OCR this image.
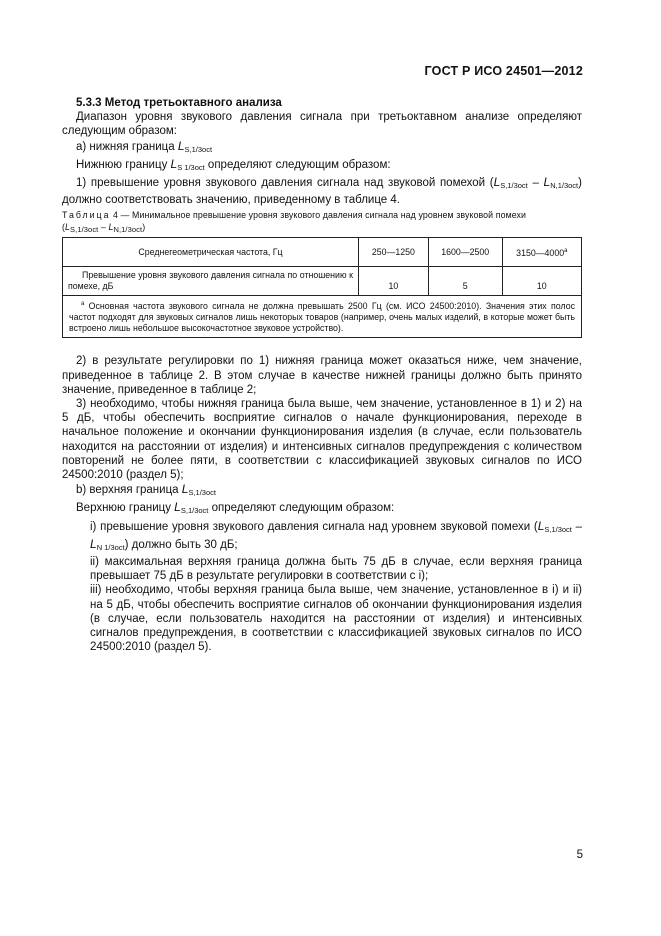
ГОСТ Р ИСО 24501—2012

5.3.3 Метод третьоктавного анализа

Диапазон уровня звукового давления сигнала при третьоктавном анализе определяют следующим образом:

a) нижняя граница $L_{S,1/3oct}$

Нижнюю границу $L_{S 1/3oct}$ определяют следующим образом:

1) превышение уровня звукового давления сигнала над звуковой помехой $(L_{S,1/3oct} - L_{N,1/3oct})$ должно соответствовать значению, приведенному в таблице 4.

Таблица 4 — Минимальное превышение уровня звукового давления сигнала над уровнем звуковой помехи
(LS,1/3oct – LN,1/3oct)

Среднегеометрическая частота, Гц	250—1250	1600—2500	3150—4000$^a$
Превышение уровня звукового давления сигнала по отношению к помехе, дБ	10	5	10
$^a$ Основная частота звукового сигнала не должна превышать 2500 Гц (см. ИСО 24500:2010). Значения этих полос частот подходят для звуковых сигналов лишь некоторых товаров (например, очень малых изделий, в которые может быть встроено лишь небольшое высокочастотное звуковое устройство).			

2) в результате регулировки по 1) нижняя граница может оказаться ниже, чем значение, приведенное в таблице 2. В этом случае в качестве нижней границы должно быть принято значение, приведенное в таблице 2;

3) необходимо, чтобы нижняя граница была выше, чем значение, установленное в 1) и 2) на 5 дБ, чтобы обеспечить восприятие сигналов о начале функционирования, переходе в начальное положение и окончании функционирования изделия (в случае, если пользователь находится на расстоянии от изделия) и интенсивных сигналов предупреждения с количеством повторений не более пяти, в соответствии с классификацией звуковых сигналов по ИСО 24500:2010 (раздел 5);

b) верхняя граница $L_{S,1/3oct}$

Верхнюю границу $L_{S,1/3oct}$ определяют следующим образом:

i) превышение уровня звукового давления сигнала над уровнем звуковой помехи $(L_{S,1/3oct} - L_{N 1/3oct})$ должно быть 30 дБ;

ii) максимальная верхняя граница должна быть 75 дБ в случае, если верхняя граница превышает 75 дБ в результате регулировки в соответствии с i);

iii) необходимо, чтобы верхняя граница была выше, чем значение, установленное в i) и ii) на 5 дБ, чтобы обеспечить восприятие сигналов об окончании функционирования изделия (в случае, если пользователь находится на расстоянии от изделия) и интенсивных сигналов предупреждения, в соответствии с классификацией звуковых сигналов по ИСО 24500:2010 (раздел 5).

5
